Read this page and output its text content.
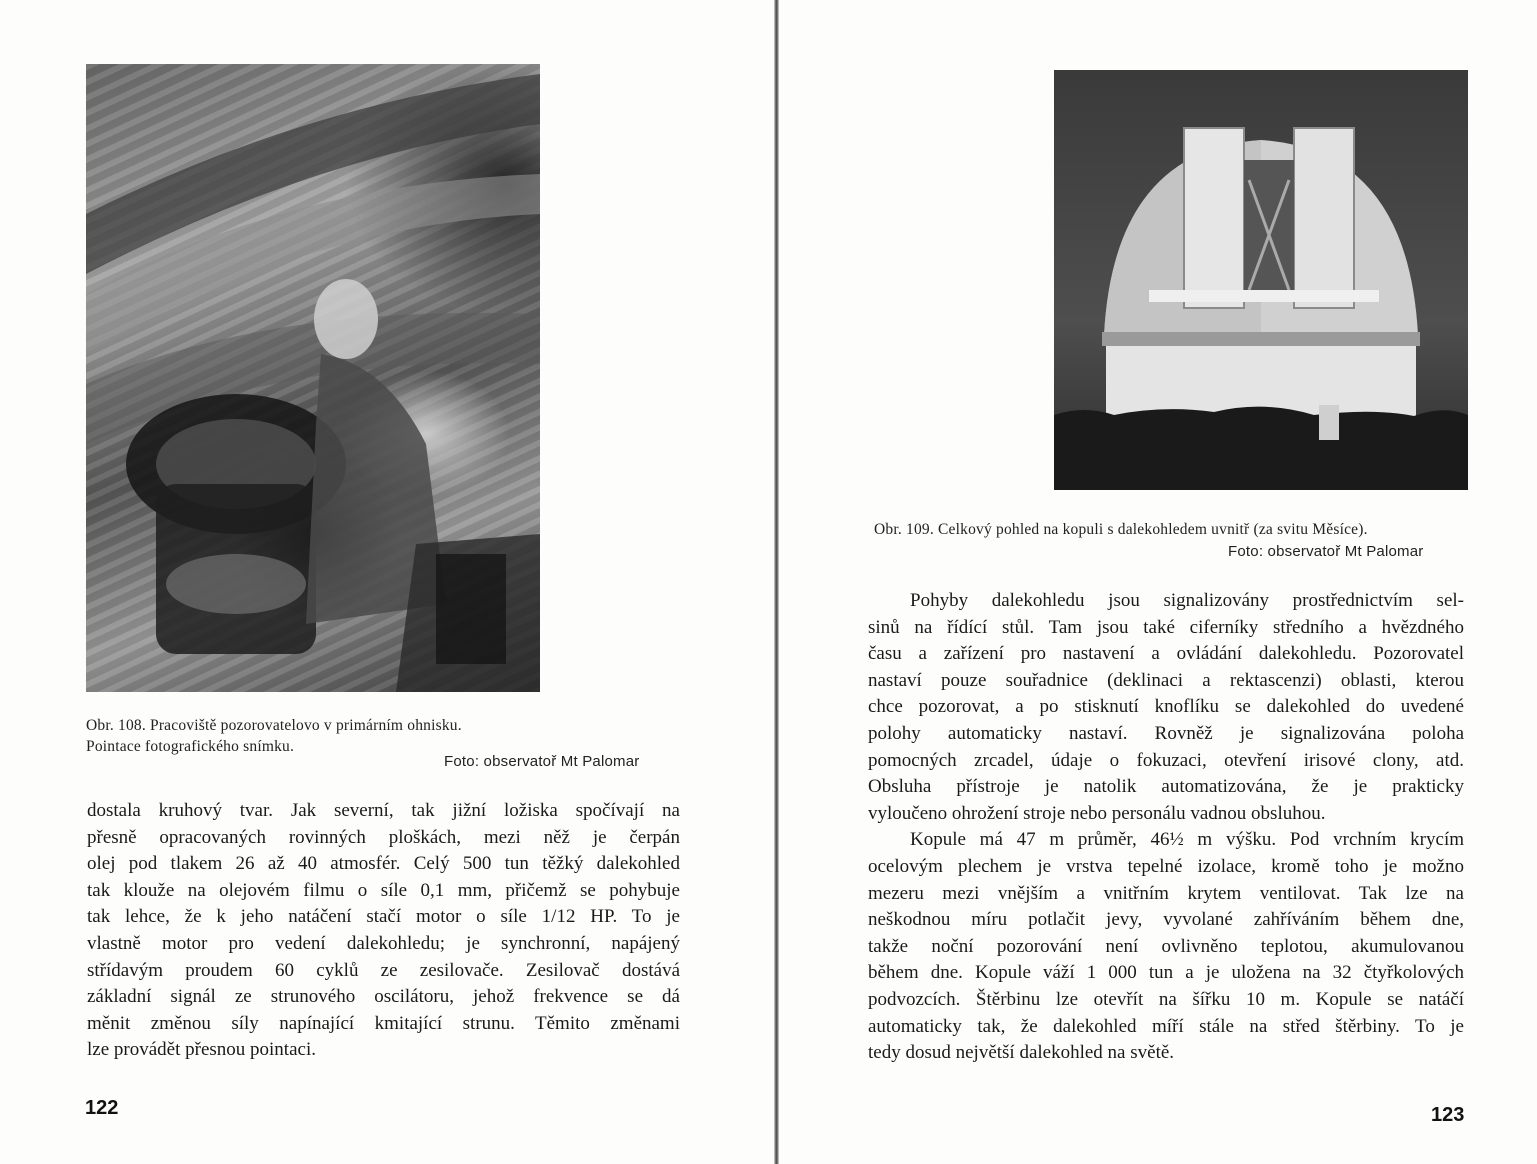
Obr. 108. Pracoviště pozorovatelovo v primárním ohnisku.
Pointace fotografického snímku.
Foto: observatoř Mt Palomar
dostala kruhový tvar. Jak severní, tak jižní ložiska spočívají na
přesně opracovaných rovinných ploškách, mezi něž je čerpán
olej pod tlakem 26 až 40 atmosfér. Celý 500 tun těžký dalekohled
tak klouže na olejovém filmu o síle 0,1 mm, přičemž se pohybuje
tak lehce, že k jeho natáčení stačí motor o síle 1/12 HP. To je
vlastně motor pro vedení dalekohledu; je synchronní, napájený
střídavým proudem 60 cyklů ze zesilovače. Zesilovač dostává
základní signál ze strunového oscilátoru, jehož frekvence se dá
měnit změnou síly napínající kmitající strunu. Těmito změnami
lze provádět přesnou pointaci.
122
Obr. 109. Celkový pohled na kopuli s dalekohledem uvnitř (za svitu Měsíce).
Foto: observatoř Mt Palomar
Pohyby dalekohledu jsou signalizovány prostřednictvím sel-
sinů na řídící stůl. Tam jsou také ciferníky středního a hvězdného
času a zařízení pro nastavení a ovládání dalekohledu. Pozorovatel
nastaví pouze souřadnice (deklinaci a rektascenzi) oblasti, kterou
chce pozorovat, a po stisknutí knoflíku se dalekohled do uvedené
polohy automaticky nastaví. Rovněž je signalizována poloha
pomocných zrcadel, údaje o fokuzaci, otevření irisové clony, atd.
Obsluha přístroje je natolik automatizována, že je prakticky
vyloučeno ohrožení stroje nebo personálu vadnou obsluhou.
Kopule má 47 m průměr, 46½ m výšku. Pod vrchním krycím
ocelovým plechem je vrstva tepelné izolace, kromě toho je možno
mezeru mezi vnějším a vnitřním krytem ventilovat. Tak lze na
neškodnou míru potlačit jevy, vyvolané zahříváním během dne,
takže noční pozorování není ovlivněno teplotou, akumulovanou
během dne. Kopule váží 1 000 tun a je uložena na 32 čtyřkolových
podvozcích. Štěrbinu lze otevřít na šířku 10 m. Kopule se natáčí
automaticky tak, že dalekohled míří stále na střed štěrbiny. To je
tedy dosud největší dalekohled na světě.
123
